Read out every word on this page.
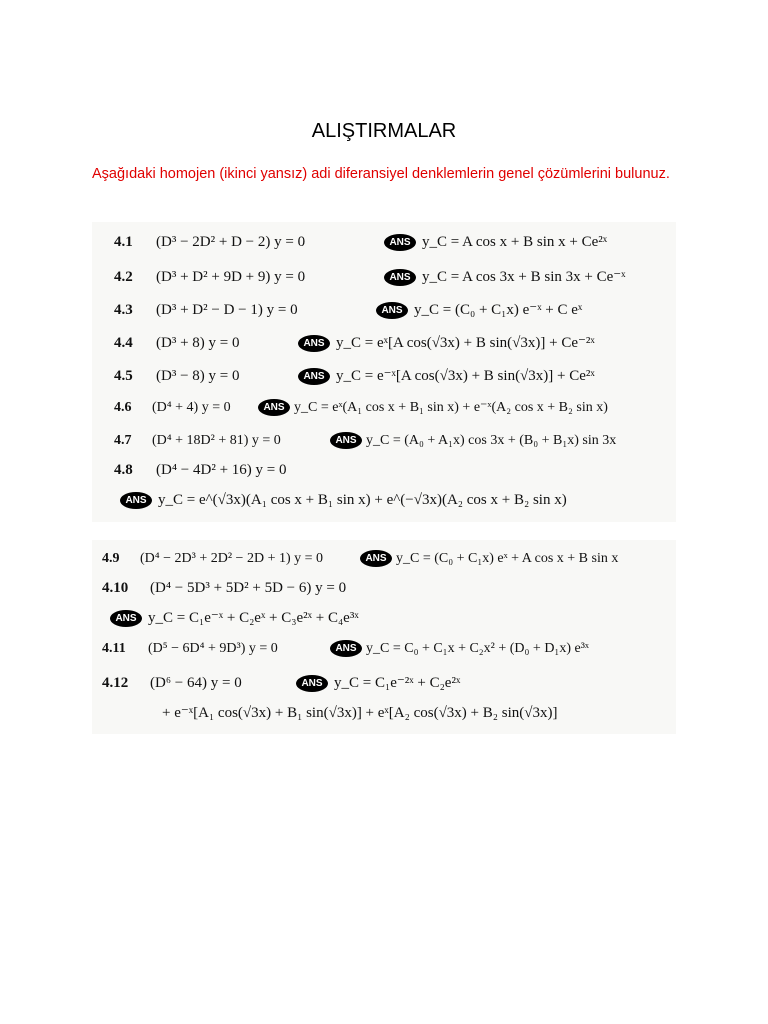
ALIŞTIRMALAR
Aşağıdaki homojen (ikinci yansız) adi diferansiyel denklemlerin genel çözümlerini bulunuz.
4.1 (D³ − 2D² + D − 2) y = 0	ANS y_C = A cos x + B sin x + Ce²ˣ
4.2 (D³ + D² + 9D + 9) y = 0	ANS y_C = A cos 3x + B sin 3x + Ce⁻ˣ
4.3 (D³ + D² − D − 1) y = 0	ANS y_C = (C₀ + C₁x) e⁻ˣ + C eˣ
4.4 (D³ + 8) y = 0	ANS y_C = eˣ[A cos(√3x) + B sin(√3x)] + Ce⁻²ˣ
4.5 (D³ − 8) y = 0	ANS y_C = e⁻ˣ[A cos(√3x) + B sin(√3x)] + Ce²ˣ
4.6 (D⁴ + 4) y = 0	ANS y_C = eˣ(A₁ cos x + B₁ sin x) + e⁻ˣ(A₂ cos x + B₂ sin x)
4.7 (D⁴ + 18D² + 81) y = 0	ANS y_C = (A₀ + A₁x) cos 3x + (B₀ + B₁x) sin 3x
4.8 (D⁴ − 4D² + 16) y = 0
ANS y_C = e^(√3x)(A₁ cos x + B₁ sin x) + e^(−√3x)(A₂ cos x + B₂ sin x)
4.9 (D⁴ − 2D³ + 2D² − 2D + 1) y = 0	ANS y_C = (C₀ + C₁x) eˣ + A cos x + B sin x
4.10 (D⁴ − 5D³ + 5D² + 5D − 6) y = 0
ANS y_C = C₁e⁻ˣ + C₂eˣ + C₃e²ˣ + C₄e³ˣ
4.11 (D⁵ − 6D⁴ + 9D³) y = 0	ANS y_C = C₀ + C₁x + C₂x² + (D₀ + D₁x) e³ˣ
4.12 (D⁶ − 64) y = 0	ANS y_C = C₁e⁻²ˣ + C₂e²ˣ
+ e⁻ˣ[A₁ cos(√3x) + B₁ sin(√3x)] + eˣ[A₂ cos(√3x) + B₂ sin(√3x)]
